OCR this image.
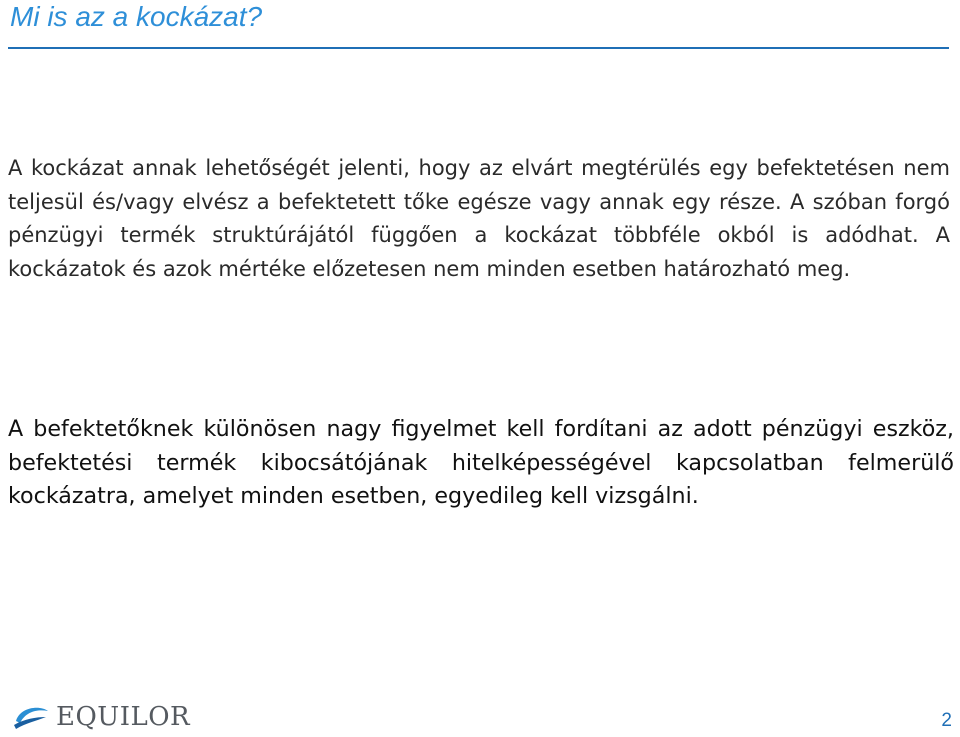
Mi is az a kockázat?

A kockázat annak lehetőségét jelenti, hogy az elvárt megtérülés egy befektetésen nem teljesül és/vagy elvész a befektetett tőke egésze vagy annak egy része. A szóban forgó pénzügyi termék struktúrájától függően a kockázat többféle okból is adódhat. A kockázatok és azok mértéke előzetesen nem minden esetben határozható meg.

A befektetőknek különösen nagy figyelmet kell fordítani az adott pénzügyi eszköz, befektetési termék kibocsátójának hitelképességével kapcsolatban felmerülő kockázatra, amelyet minden esetben, egyedileg kell vizsgálni.

EQUILOR	2
